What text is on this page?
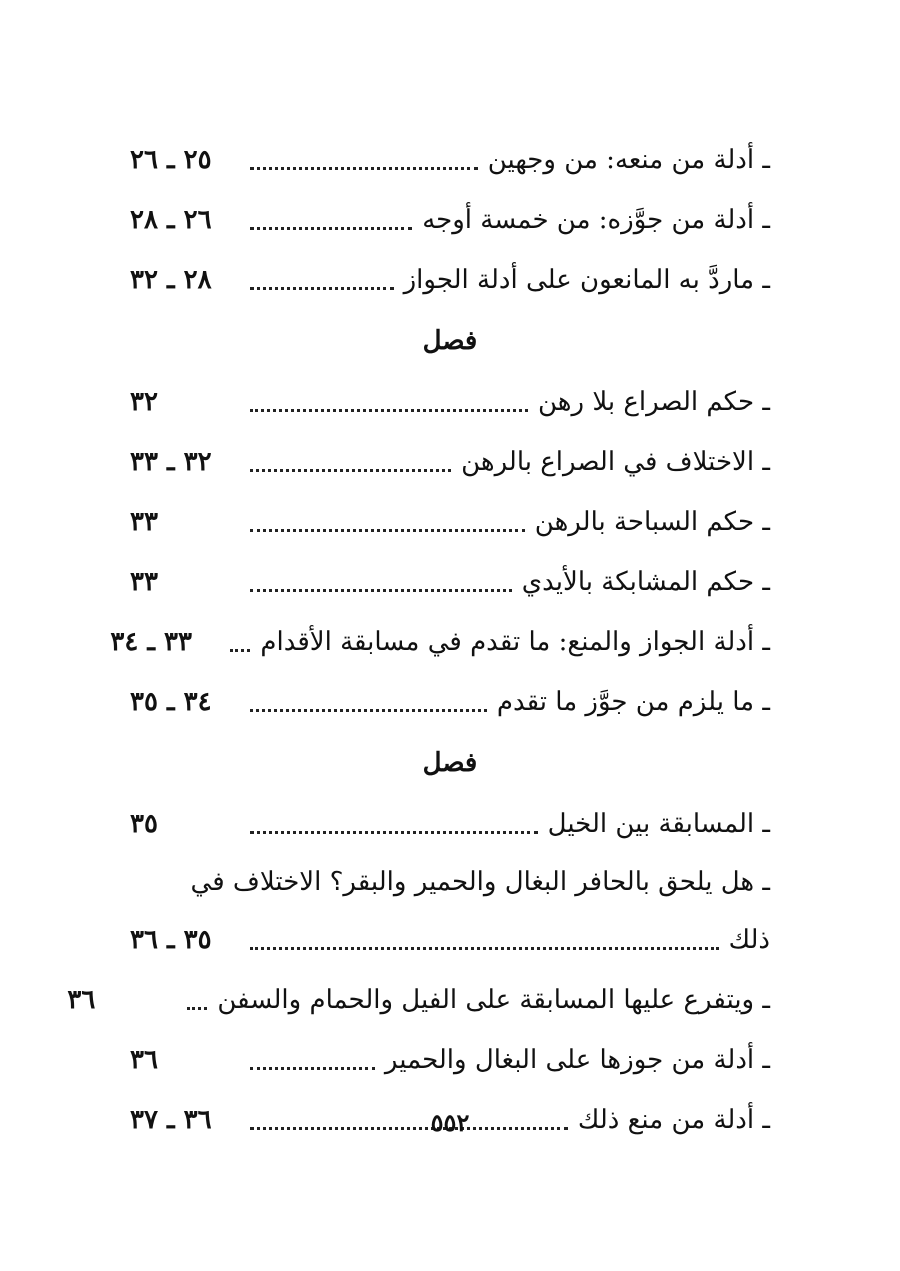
ـ أدلة من منعه: من وجهين
٢٥ ـ ٢٦
ـ أدلة من جوَّزه: من خمسة أوجه
٢٦ ـ ٢٨
ـ ماردَّ به المانعون على أدلة الجواز
٢٨ ـ ٣٢
فصل
ـ حكم الصراع بلا رهن
٣٢
ـ الاختلاف في الصراع بالرهن
٣٢ ـ ٣٣
ـ حكم السباحة بالرهن
٣٣
ـ حكم المشابكة بالأيدي
٣٣
ـ أدلة الجواز والمنع: ما تقدم في مسابقة الأقدام
٣٣ ـ ٣٤
ـ ما يلزم من جوَّز ما تقدم
٣٤ ـ ٣٥
فصل
ـ المسابقة بين الخيل
٣٥
ـ هل يلحق بالحافر البغال والحمير والبقر؟ الاختلاف في
ذلك
٣٥ ـ ٣٦
ـ ويتفرع عليها المسابقة على الفيل والحمام والسفن
٣٦
ـ أدلة من جوزها على البغال والحمير
٣٦
ـ أدلة من منع ذلك
٣٦ ـ ٣٧	٥٥٢
